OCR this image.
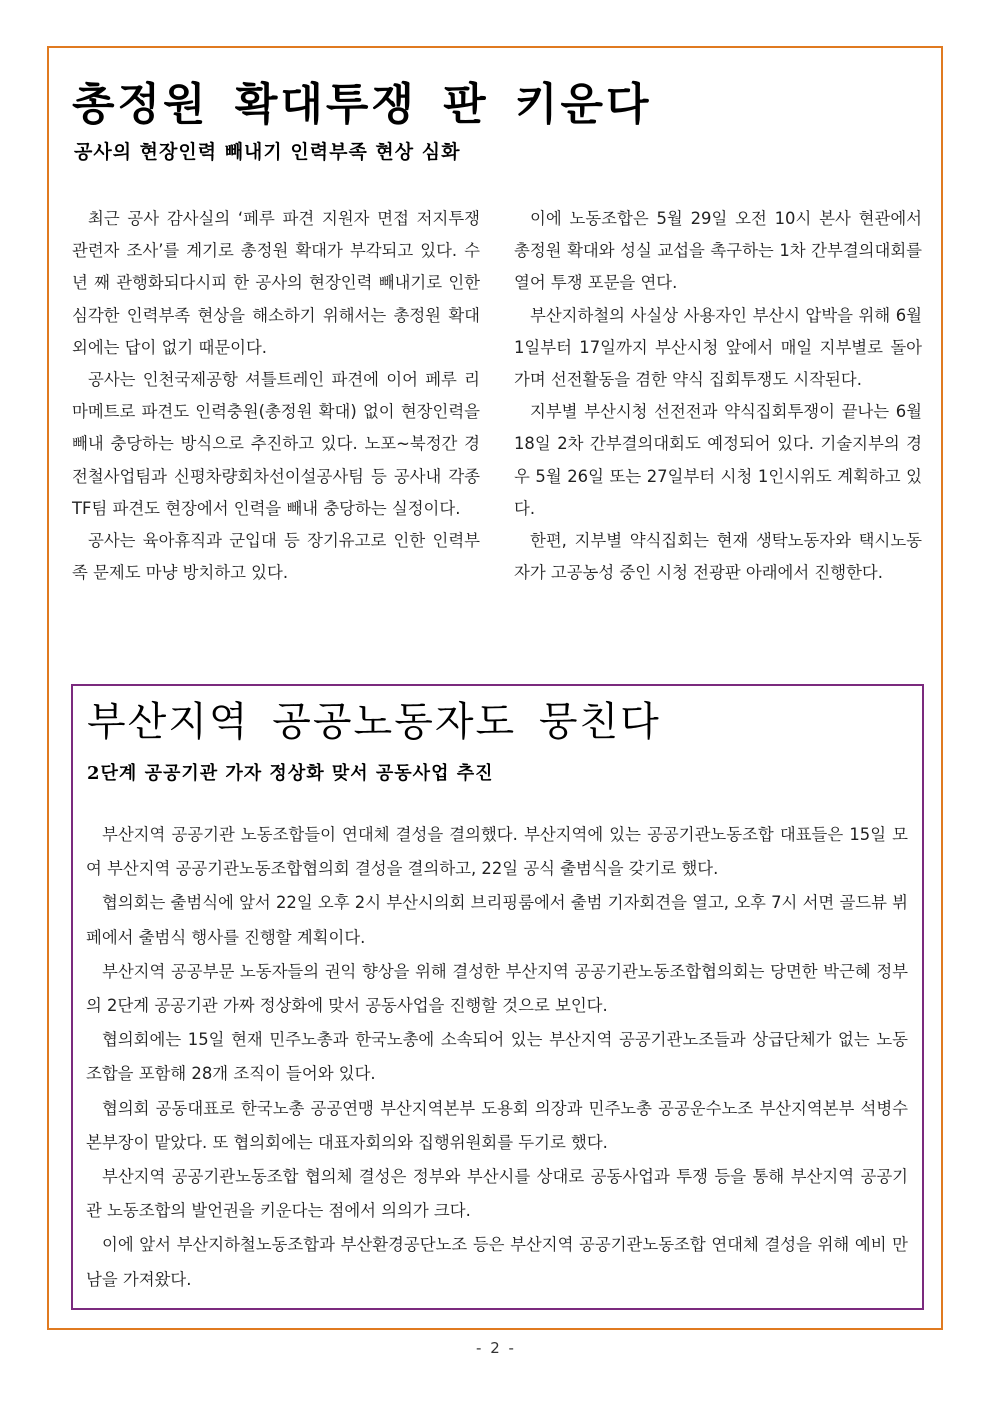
총정원 확대투쟁 판 키운다
공사의 현장인력 빼내기 인력부족 현상 심화

최근 공사 감사실의 ‘페루 파견 지원자 면접 저지투쟁 관련자 조사’를 계기로 총정원 확대가 부각되고 있다. 수년 째 관행화되다시피 한 공사의 현장인력 빼내기로 인한 심각한 인력부족 현상을 해소하기 위해서는 총정원 확대 외에는 답이 없기 때문이다.

공사는 인천국제공항 셔틀트레인 파견에 이어 페루 리마메트로 파견도 인력충원(총정원 확대) 없이 현장인력을 빼내 충당하는 방식으로 추진하고 있다. 노포~북정간 경전철사업팀과 신평차량회차선이설공사팀 등 공사내 각종 TF팀 파견도 현장에서 인력을 빼내 충당하는 실정이다.

공사는 육아휴직과 군입대 등 장기유고로 인한 인력부족 문제도 마냥 방치하고 있다.

이에 노동조합은 5월 29일 오전 10시 본사 현관에서 총정원 확대와 성실 교섭을 촉구하는 1차 간부결의대회를 열어 투쟁 포문을 연다.

부산지하철의 사실상 사용자인 부산시 압박을 위해 6월 1일부터 17일까지 부산시청 앞에서 매일 지부별로 돌아가며 선전활동을 겸한 약식 집회투쟁도 시작된다.

지부별 부산시청 선전전과 약식집회투쟁이 끝나는 6월 18일 2차 간부결의대회도 예정되어 있다. 기술지부의 경우 5월 26일 또는 27일부터 시청 1인시위도 계획하고 있다.

한편, 지부별 약식집회는 현재 생탁노동자와 택시노동자가 고공농성 중인 시청 전광판 아래에서 진행한다.

부산지역 공공노동자도 뭉친다
2단계 공공기관 가자 정상화 맞서 공동사업 추진

부산지역 공공기관 노동조합들이 연대체 결성을 결의했다. 부산지역에 있는 공공기관노동조합 대표들은 15일 모여 부산지역 공공기관노동조합협의회 결성을 결의하고, 22일 공식 출범식을 갖기로 했다.

협의회는 출범식에 앞서 22일 오후 2시 부산시의회 브리핑룸에서 출범 기자회견을 열고, 오후 7시 서면 골드뷰 뷔페에서 출범식 행사를 진행할 계획이다.

부산지역 공공부문 노동자들의 권익 향상을 위해 결성한 부산지역 공공기관노동조합협의회는 당면한 박근혜 정부의 2단계 공공기관 가짜 정상화에 맞서 공동사업을 진행할 것으로 보인다.

협의회에는 15일 현재 민주노총과 한국노총에 소속되어 있는 부산지역 공공기관노조들과 상급단체가 없는 노동조합을 포함해 28개 조직이 들어와 있다.

협의회 공동대표로 한국노총 공공연맹 부산지역본부 도용회 의장과 민주노총 공공운수노조 부산지역본부 석병수 본부장이 맡았다. 또 협의회에는 대표자회의와 집행위원회를 두기로 했다.

부산지역 공공기관노동조합 협의체 결성은 정부와 부산시를 상대로 공동사업과 투쟁 등을 통해 부산지역 공공기관 노동조합의 발언권을 키운다는 점에서 의의가 크다.

이에 앞서 부산지하철노동조합과 부산환경공단노조 등은 부산지역 공공기관노동조합 연대체 결성을 위해 예비 만남을 가져왔다.

- 2 -
